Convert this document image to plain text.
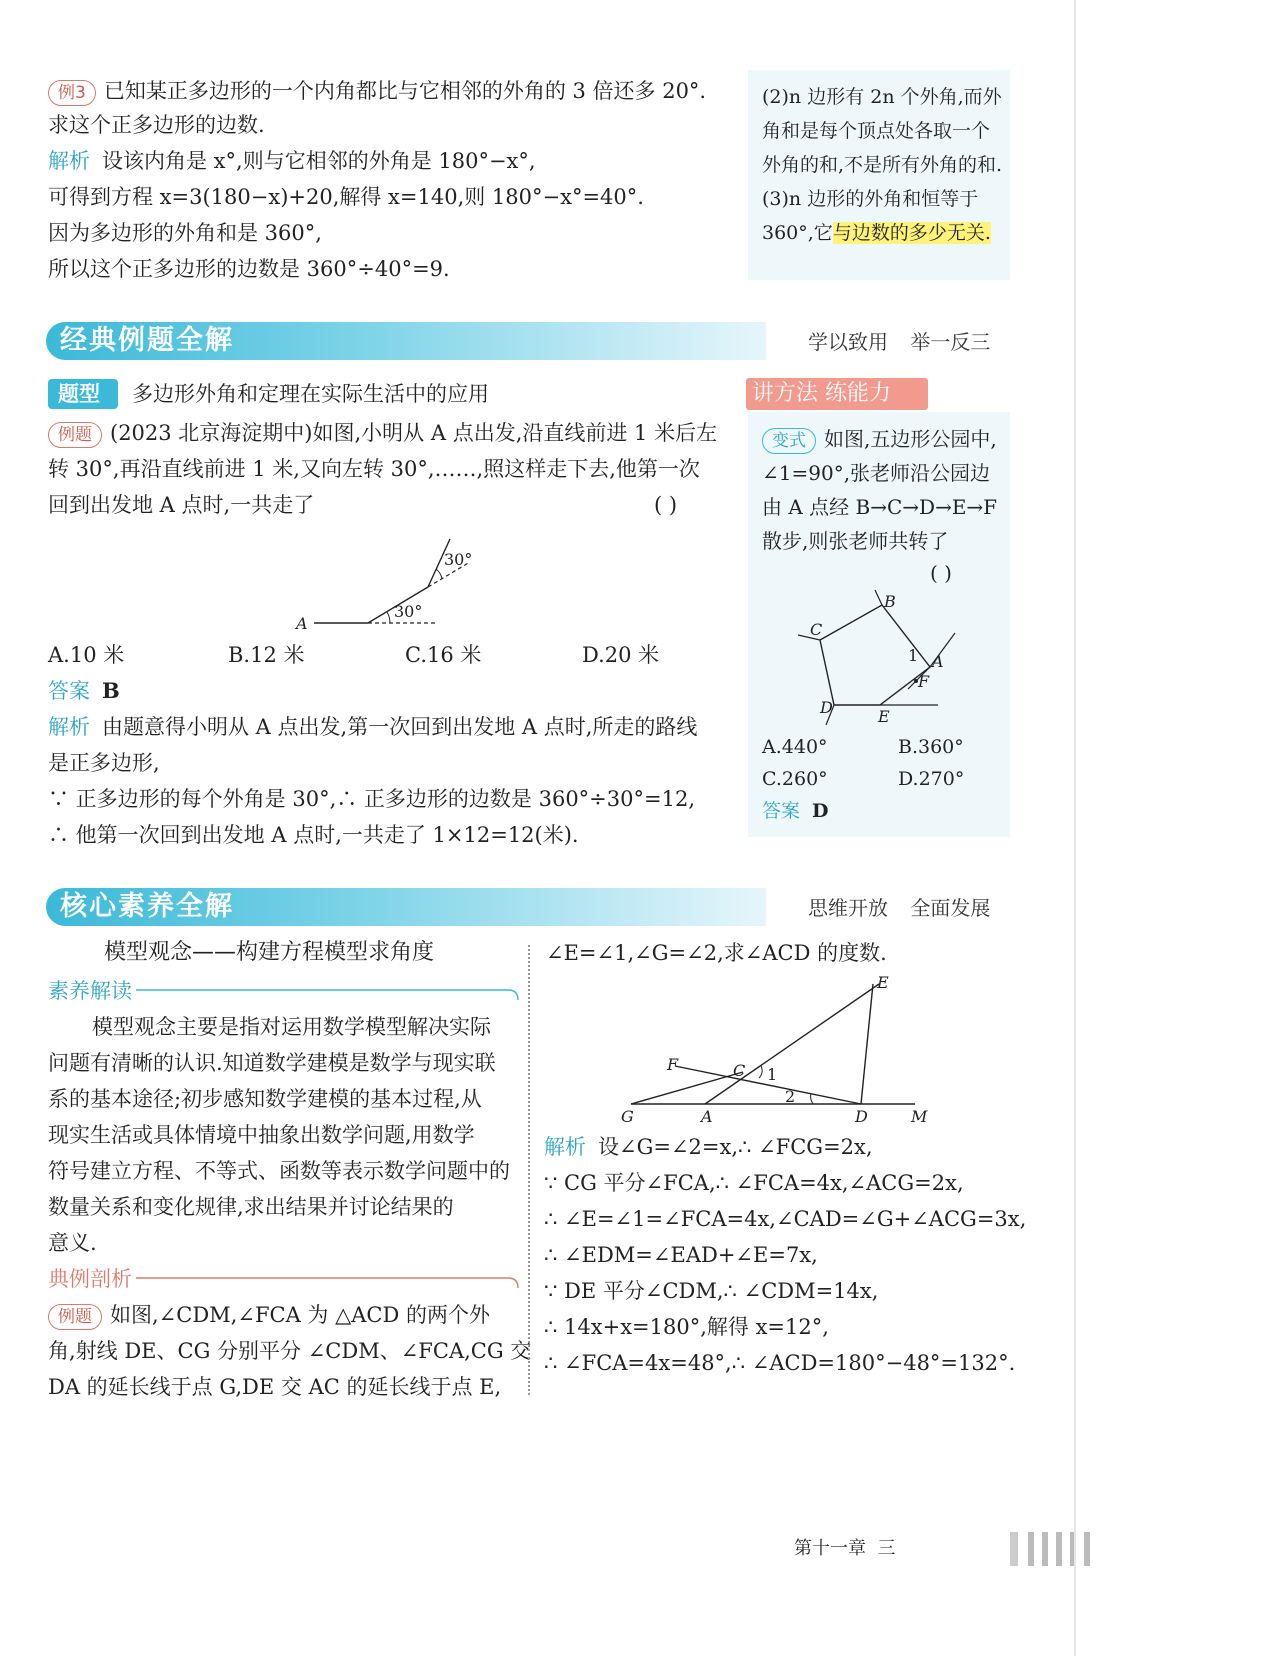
例3 已知某正多边形的一个内角都比与它相邻的外角的 3 倍还多 20°.
求这个正多边形的边数.
解析 设该内角是 x°,则与它相邻的外角是 180°−x°,
可得到方程 x=3(180−x)+20,解得 x=140,则 180°−x°=40°.
因为多边形的外角和是 360°,
所以这个正多边形的边数是 360°÷40°=9.
(2)n 边形有 2n 个外角,而外
角和是每个顶点处各取一个
外角的和,不是所有外角的和.
(3)n 边形的外角和恒等于
360°,它与边数的多少无关.
经典例题全解	学以致用 举一反三
题型 多边形外角和定理在实际生活中的应用	讲方法 练能力
例题 (2023 北京海淀期中)如图,小明从 A 点出发,沿直线前进 1 米后左
转 30°,再沿直线前进 1 米,又向左转 30°,……,照这样走下去,他第一次
回到出发地 A 点时,一共走了	( )
A
30°
30°
A.10 米	B.12 米	C.16 米	D.20 米
答案 B
解析 由题意得小明从 A 点出发,第一次回到出发地 A 点时,所走的路线
是正多边形,
∵ 正多边形的每个外角是 30°,∴ 正多边形的边数是 360°÷30°=12,
∴ 他第一次回到出发地 A 点时,一共走了 1×12=12(米).
变式 如图,五边形公园中,
∠1=90°,张老师沿公园边
由 A 点经 B→C→D→E→F
散步,则张老师共转了
( )
B
C
D	E
A
F
1
A.440°	B.360°
C.260°	D.270°
答案 D
核心素养全解	思维开放 全面发展
模型观念——构建方程模型求角度
素养解读
模型观念主要是指对运用数学模型解决实际
问题有清晰的认识.知道数学建模是数学与现实联
系的基本途径;初步感知数学建模的基本过程,从
现实生活或具体情境中抽象出数学问题,用数学
符号建立方程、不等式、函数等表示数学问题中的
数量关系和变化规律,求出结果并讨论结果的
意义.
典例剖析
例题 如图,∠CDM,∠FCA 为 △ACD 的两个外
角,射线 DE、CG 分别平分 ∠CDM、∠FCA,CG 交
DA 的延长线于点 G,DE 交 AC 的延长线于点 E,
∠E=∠1,∠G=∠2,求∠ACD 的度数.
E
F	C 1
2
G	A	D	M
解析 设∠G=∠2=x,∴ ∠FCG=2x,
∵ CG 平分∠FCA,∴ ∠FCA=4x,∠ACG=2x,
∴ ∠E=∠1=∠FCA=4x,∠CAD=∠G+∠ACG=3x,
∴ ∠EDM=∠EAD+∠E=7x,
∵ DE 平分∠CDM,∴ ∠CDM=14x,
∴ 14x+x=180°,解得 x=12°,
∴ ∠FCA=4x=48°,∴ ∠ACD=180°−48°=132°.
第十一章 三
